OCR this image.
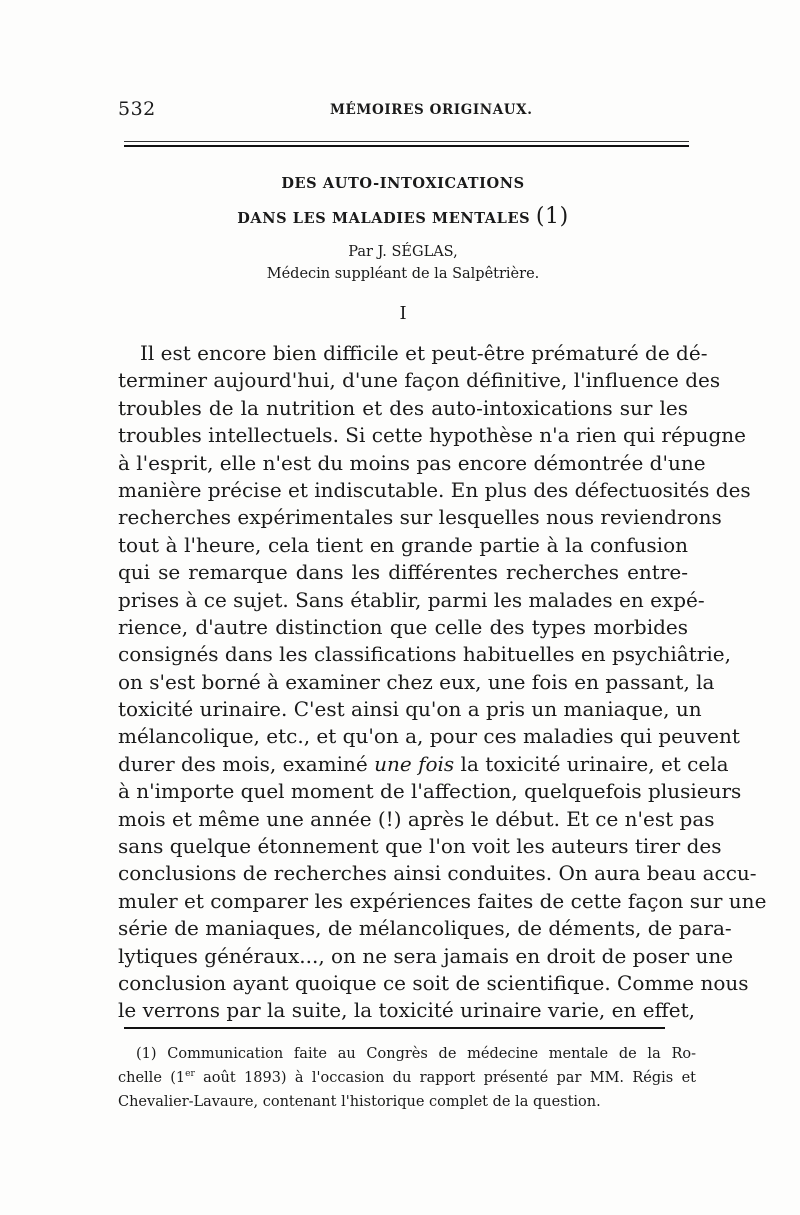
532	MÉMOIRES ORIGINAUX.
DES AUTO-INTOXICATIONS
DANS LES MALADIES MENTALES (1)
Par J. SÉGLAS,
Médecin suppléant de la Salpêtrière.
I
Il est encore bien difficile et peut-être prématuré de dé-
terminer aujourd'hui, d'une façon définitive, l'influence des
troubles de la nutrition et des auto-intoxications sur les
troubles intellectuels. Si cette hypothèse n'a rien qui répugne
à l'esprit, elle n'est du moins pas encore démontrée d'une
manière précise et indiscutable. En plus des défectuosités des
recherches expérimentales sur lesquelles nous reviendrons
tout à l'heure, cela tient en grande partie à la confusion
qui se remarque dans les différentes recherches entre-
prises à ce sujet. Sans établir, parmi les malades en expé-
rience, d'autre distinction que celle des types morbides
consignés dans les classifications habituelles en psychiâtrie,
on s'est borné à examiner chez eux, une fois en passant, la
toxicité urinaire. C'est ainsi qu'on a pris un maniaque, un
mélancolique, etc., et qu'on a, pour ces maladies qui peuvent
durer des mois, examiné une fois la toxicité urinaire, et cela
à n'importe quel moment de l'affection, quelquefois plusieurs
mois et même une année (!) après le début. Et ce n'est pas
sans quelque étonnement que l'on voit les auteurs tirer des
conclusions de recherches ainsi conduites. On aura beau accu-
muler et comparer les expériences faites de cette façon sur une
série de maniaques, de mélancoliques, de déments, de para-
lytiques généraux..., on ne sera jamais en droit de poser une
conclusion ayant quoique ce soit de scientifique. Comme nous
le verrons par la suite, la toxicité urinaire varie, en effet,
(1) Communication faite au Congrès de médecine mentale de la Ro-
chelle (1er août 1893) à l'occasion du rapport présenté par MM. Régis et
Chevalier-Lavaure, contenant l'historique complet de la question.
